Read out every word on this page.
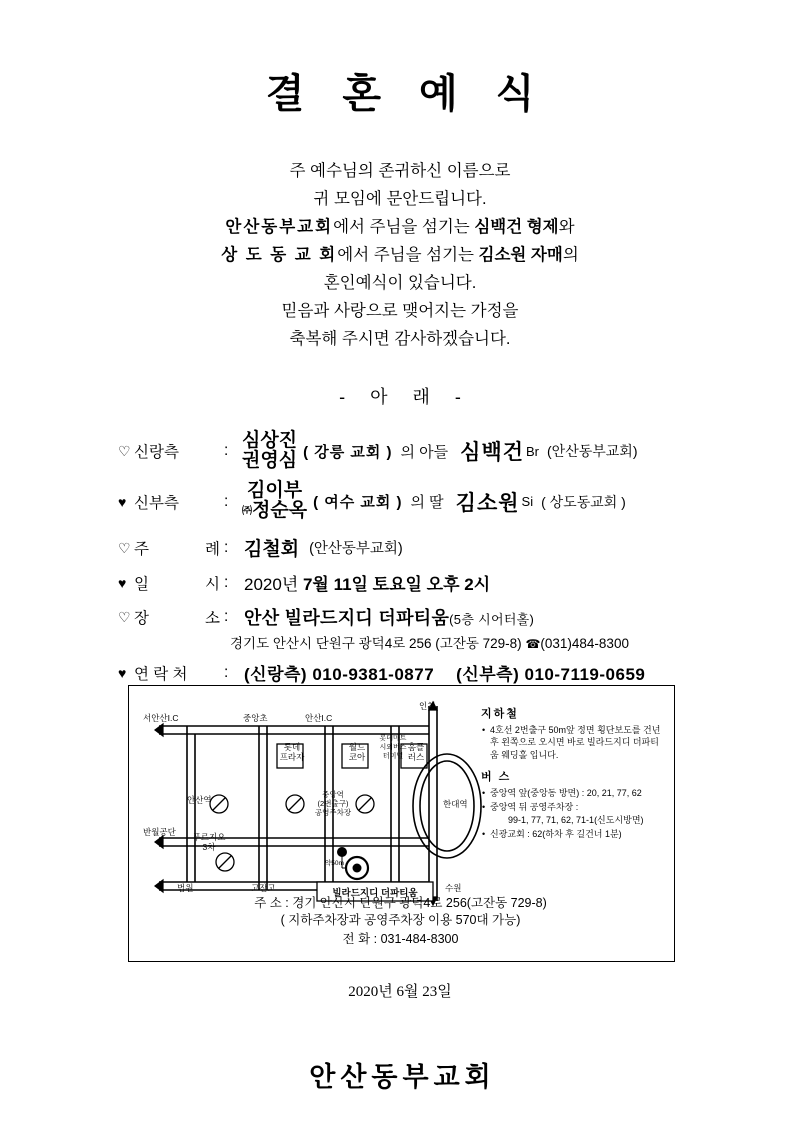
결 혼 예 식
주 예수님의 존귀하신 이름으로
귀 모임에 문안드립니다.
안산동부교회에서 주님을 섬기는 심백건 형제와
상 도 동 교 회에서 주님을 섬기는 김소원 자매의
혼인예식이 있습니다.
믿음과 사랑으로 맺어지는 가정을
축복해 주시면 감사하겠습니다.
- 아 래 -
♡ 신랑측	: 심상진
권영심 ( 강릉 교회 ) 의 아들 심백건 Br (안산동부교회)
♥ 신부측	: 김이부
㈜정순옥 ( 여수 교회 ) 의 딸 김소원 Si ( 상도동교회 )
♡ 주	례 : 김철회 (안산동부교회)
♥ 일	시 : 2020년 7월 11일 토요일 오후 2시
♡ 장	소 : 안산 빌라드지디 더파티움(5층 시어터홀)
경기도 안산시 단원구 광덕4로 256 (고잔동 729-8) ☎(031)484-8300
♥ 연 락 처 : (신랑측) 010-9381-0877 (신부측) 010-7119-0659
서안산I.C	중앙초	안산I.C
인천
롯데
프라자
월드
코아
롯데마트
시외버스
터미널
홈플
러스
안산역
중앙역
(2번출구)
공영주차장
한대역
반월공단	푸르지오
3차
법원	고잔고	수원
약50m
빌라드지디 더파티움
지하철
• 4호선 2번출구 50m앞 정면 횡단보도를 건넌 후 왼쪽으로 오시면 바로 빌라드지디 더파티움 웨딩홀 입니다.
버 스
• 중앙역 앞(중앙동 방면) : 20, 21, 77, 62
• 중앙역 뒤 공영주차장 :
99-1, 77, 71, 62, 71-1(신도시방면)
• 신광교회 : 62(하차 후 길건너 1분)
주 소 : 경기 안산시 단원구 광덕4로 256(고잔동 729-8)
( 지하주차장과 공영주차장 이용 570대 가능)
전 화 : 031-484-8300
2020년 6월 23일
안산동부교회
